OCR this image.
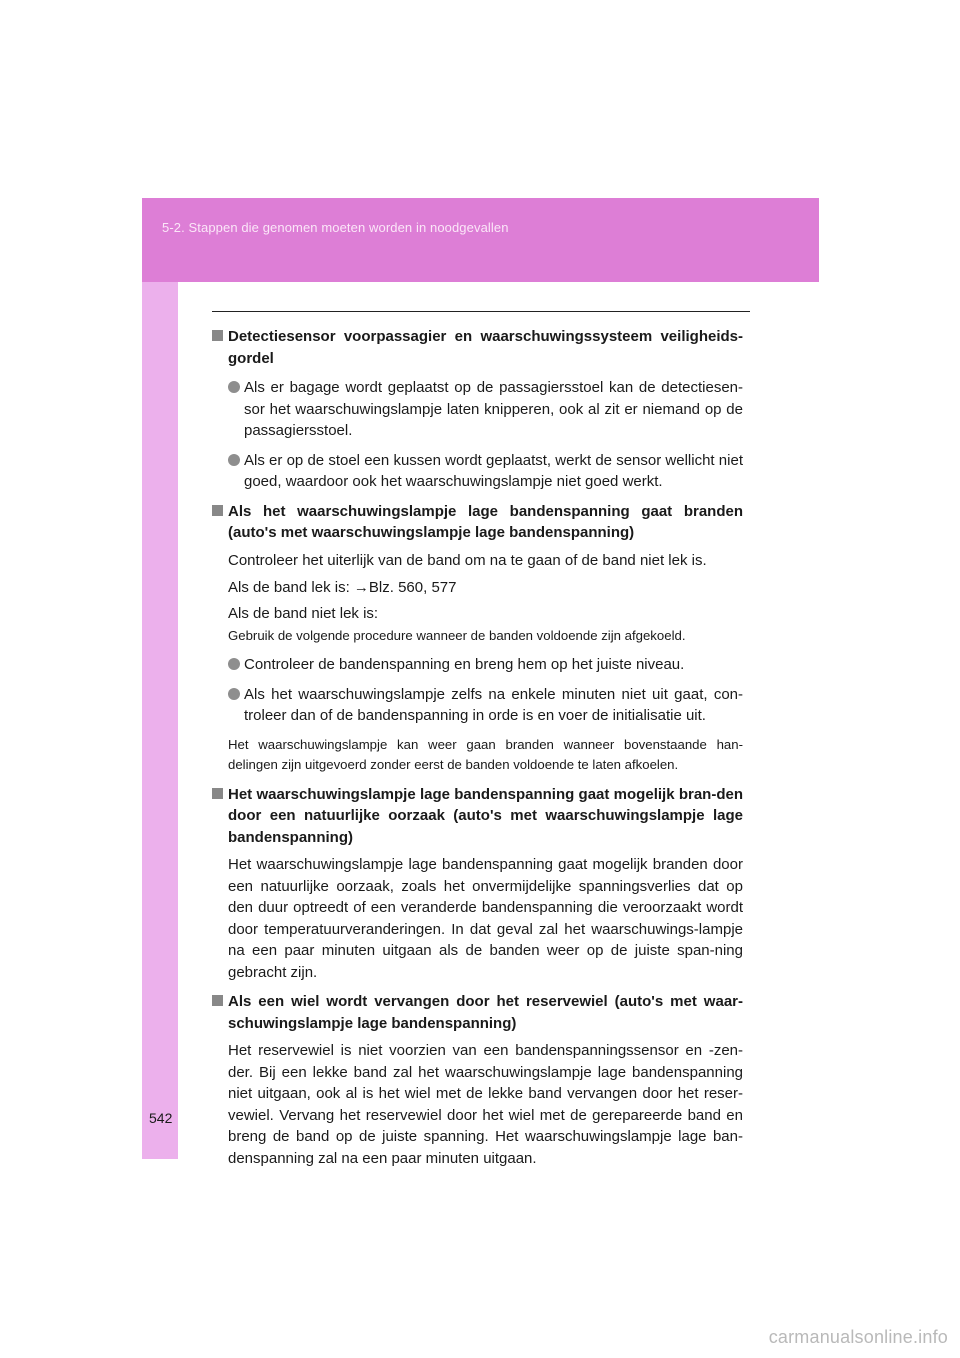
5-2. Stappen die genomen moeten worden in noodgevallen
542
Detectiesensor voorpassagier en waarschuwingssysteem veiligheids-gordel
Als er bagage wordt geplaatst op de passagiersstoel kan de detectiesen-sor het waarschuwingslampje laten knipperen, ook al zit er niemand op de passagiersstoel.
Als er op de stoel een kussen wordt geplaatst, werkt de sensor wellicht niet goed, waardoor ook het waarschuwingslampje niet goed werkt.
Als het waarschuwingslampje lage bandenspanning gaat branden (auto's met waarschuwingslampje lage bandenspanning)

Controleer het uiterlijk van de band om na te gaan of de band niet lek is.

Als de band lek is: →Blz. 560, 577

Als de band niet lek is:

Gebruik de volgende procedure wanneer de banden voldoende zijn afgekoeld.

Controleer de bandenspanning en breng hem op het juiste niveau.
Als het waarschuwingslampje zelfs na enkele minuten niet uit gaat, con-troleer dan of de bandenspanning in orde is en voer de initialisatie uit.

Het waarschuwingslampje kan weer gaan branden wanneer bovenstaande han-delingen zijn uitgevoerd zonder eerst de banden voldoende te laten afkoelen.

Het waarschuwingslampje lage bandenspanning gaat mogelijk bran-den door een natuurlijke oorzaak (auto's met waarschuwingslampje lage bandenspanning)

Het waarschuwingslampje lage bandenspanning gaat mogelijk branden door een natuurlijke oorzaak, zoals het onvermijdelijke spanningsverlies dat op den duur optreedt of een veranderde bandenspanning die veroorzaakt wordt door temperatuurveranderingen. In dat geval zal het waarschuwings-lampje na een paar minuten uitgaan als de banden weer op de juiste span-ning gebracht zijn.

Als een wiel wordt vervangen door het reservewiel (auto's met waar-schuwingslampje lage bandenspanning)

Het reservewiel is niet voorzien van een bandenspanningssensor en -zen-der. Bij een lekke band zal het waarschuwingslampje lage bandenspanning niet uitgaan, ook al is het wiel met de lekke band vervangen door het reser-vewiel. Vervang het reservewiel door het wiel met de gerepareerde band en breng de band op de juiste spanning. Het waarschuwingslampje lage ban-denspanning zal na een paar minuten uitgaan.

carmanualsonline.info
